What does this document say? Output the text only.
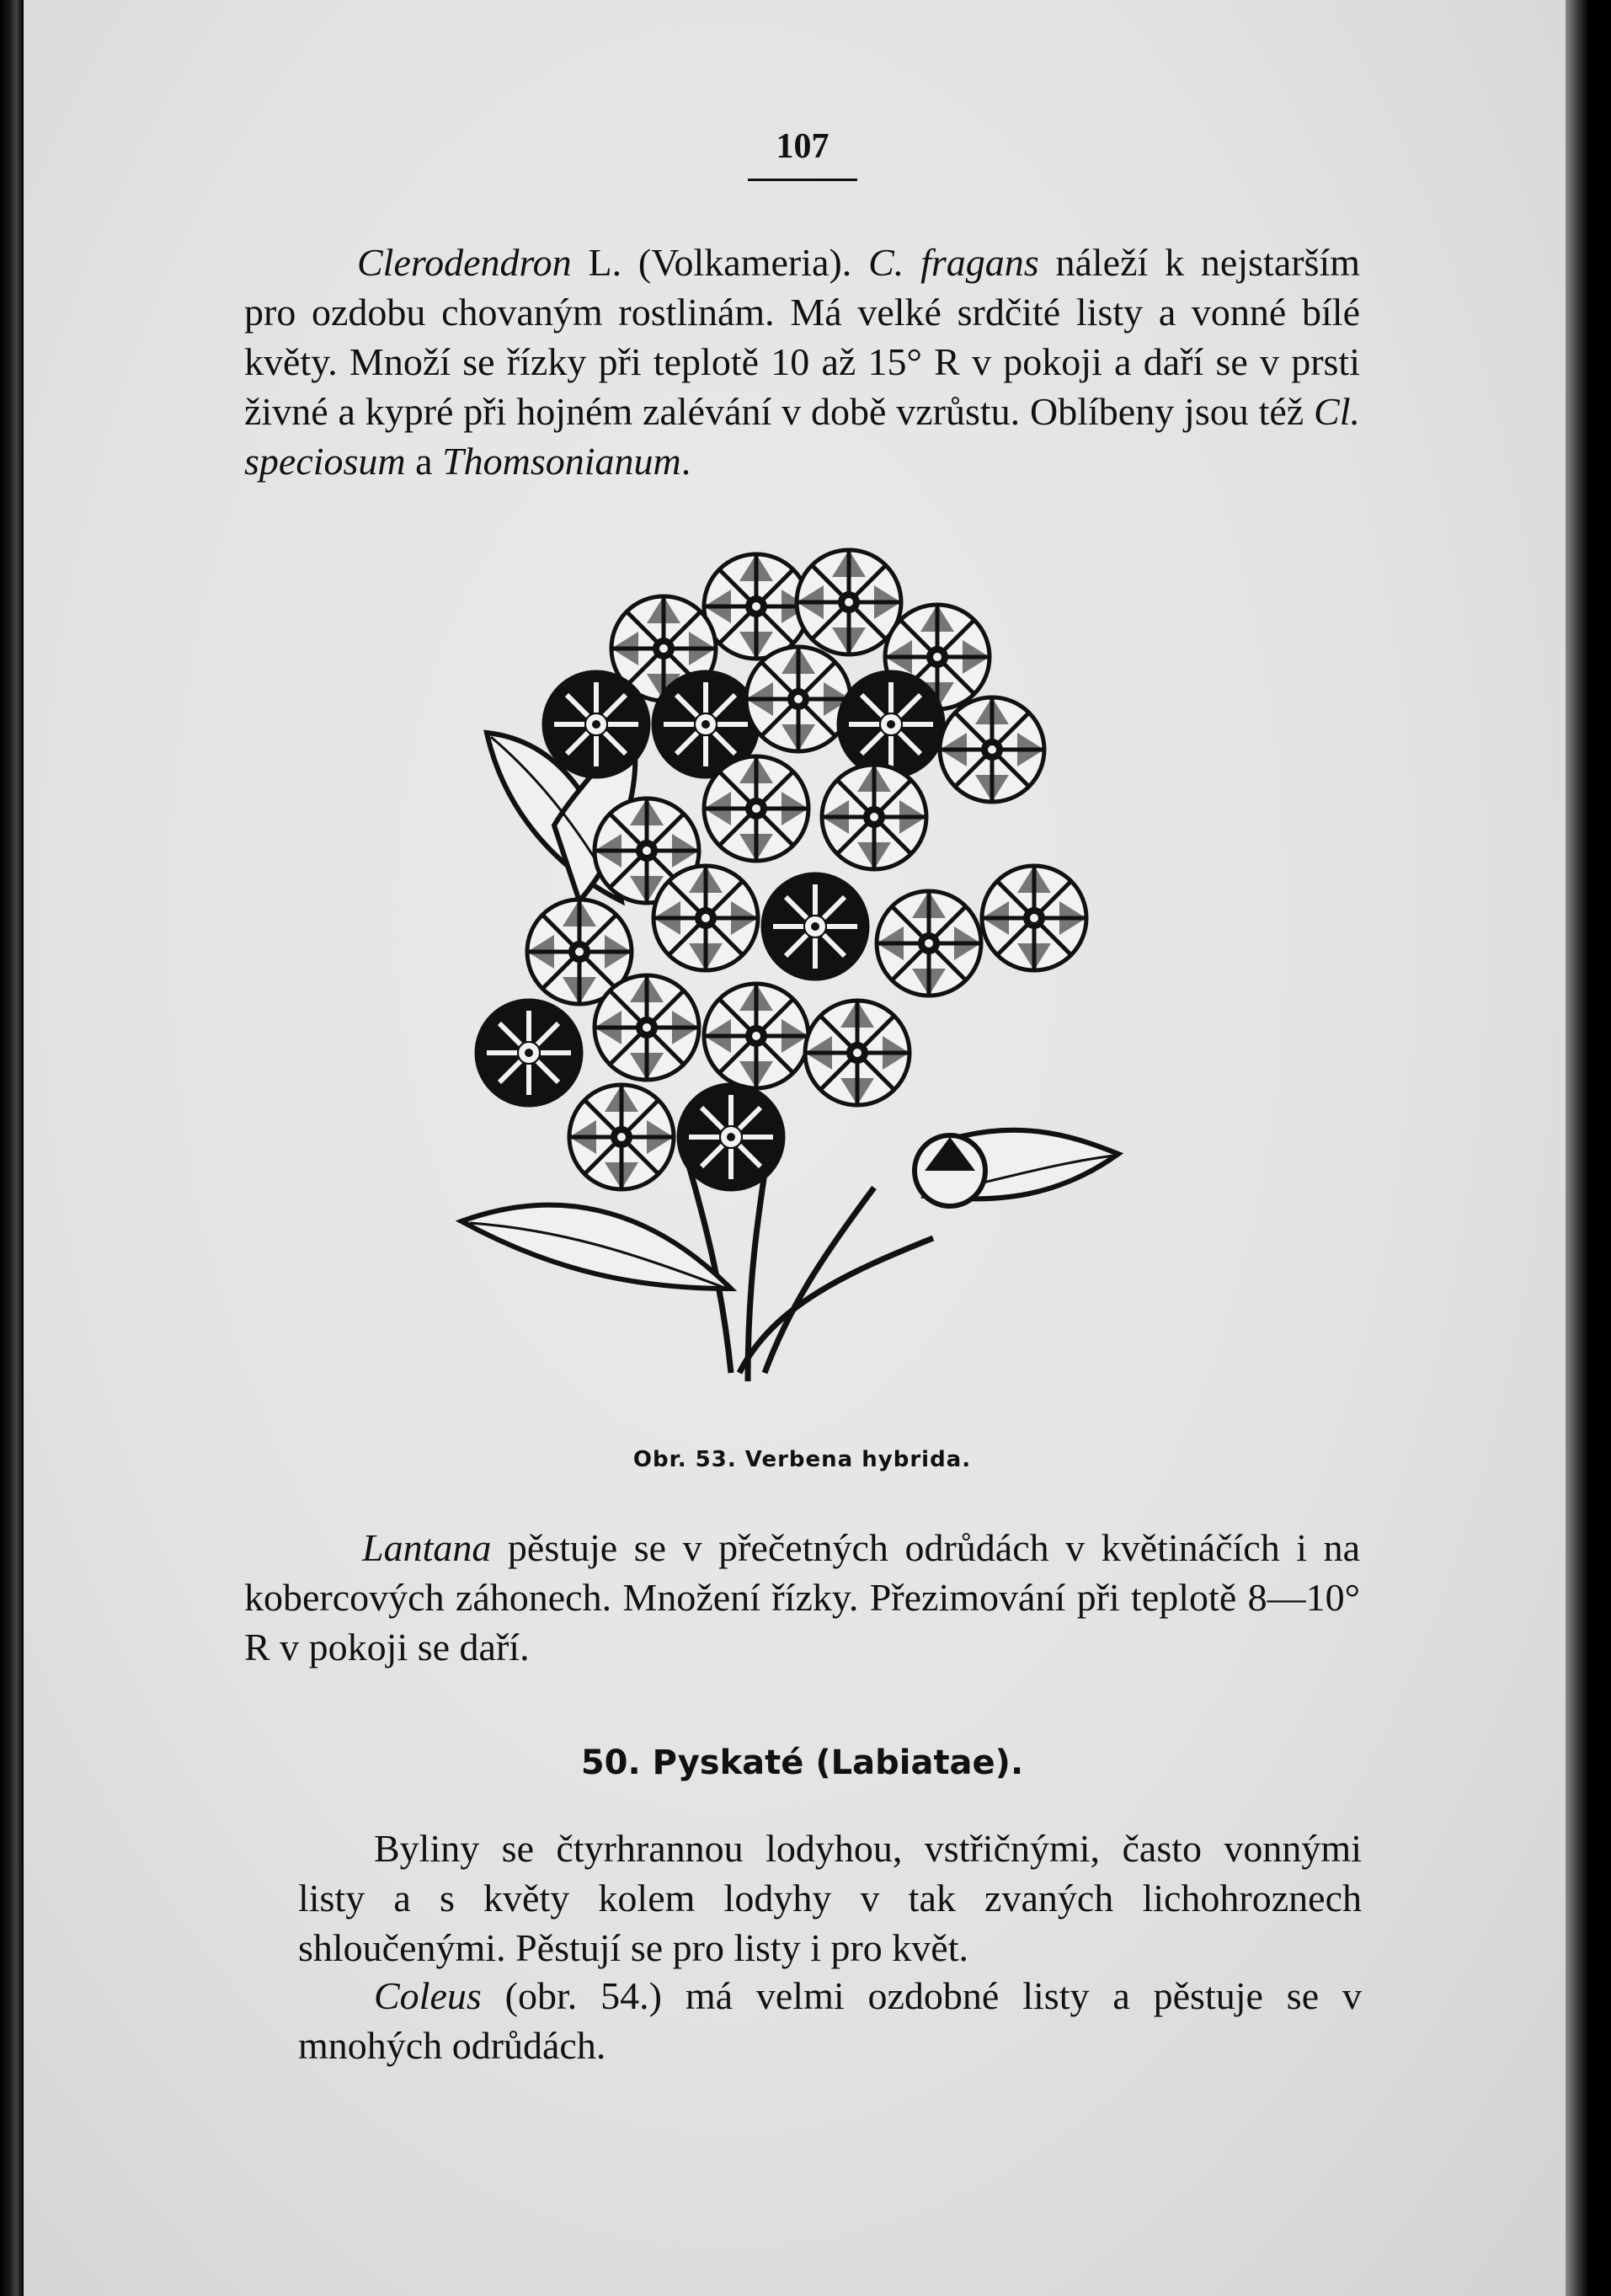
107

Clerodendron L. (Volkameria). C. fragans náleží k nejstarším pro ozdobu chovaným rostlinám. Má velké srdčité listy a vonné bílé květy. Množí se řízky při teplotě 10 až 15° R v pokoji a daří se v prsti živné a kypré při hojném zalévání v době vzrůstu. Oblíbeny jsou též Cl. speciosum a Thomsonianum.

Obr. 53. Verbena hybrida.

Lantana pěstuje se v přečetných odrůdách v květináčích i na kobercových záhonech. Množení řízky. Přezimování při teplotě 8—10° R v pokoji se daří.

50. Pyskaté (Labiatae).

Byliny se čtyrhrannou lodyhou, vstřičnými, často vonnými listy a s květy kolem lodyhy v tak zvaných lichohroznech shloučenými. Pěstují se pro listy i pro květ.

Coleus (obr. 54.) má velmi ozdobné listy a pěstuje se v mnohých odrůdách.
